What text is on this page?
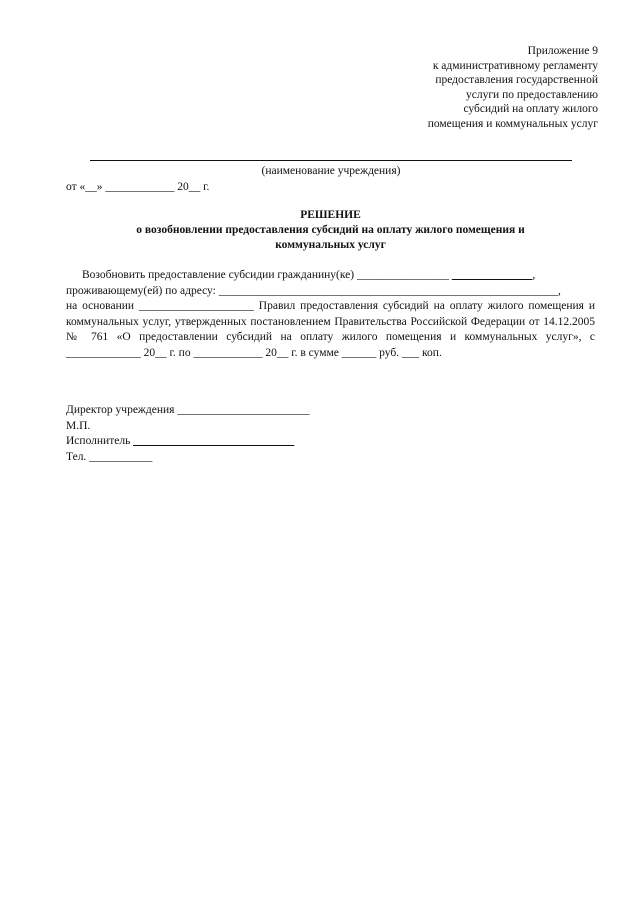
Приложение 9
к административному регламенту
предоставления государственной
услуги по предоставлению
субсидий на оплату жилого
помещения и коммунальных услуг
(наименование учреждения)
от «__» ____________ 20__ г.
РЕШЕНИЕ
о возобновлении предоставления субсидий на оплату жилого помещения и
коммунальных услуг
Возобновить предоставление субсидии гражданину(ке) ________________ ______________,
проживающему(ей) по адресу: ___________________________________________________________,
на основании ____________________ Правил предоставления субсидий на оплату жилого помещения и коммунальных услуг, утвержденных постановлением Правительства Российской Федерации от 14.12.2005 № 761 «О предоставлении субсидий на оплату жилого помещения и коммунальных услуг», с _____________ 20__ г. по ____________ 20__ г. в сумме ______ руб. ___ коп.
Директор учреждения _______________________
М.П.
Исполнитель ____________________________
Тел. ___________
